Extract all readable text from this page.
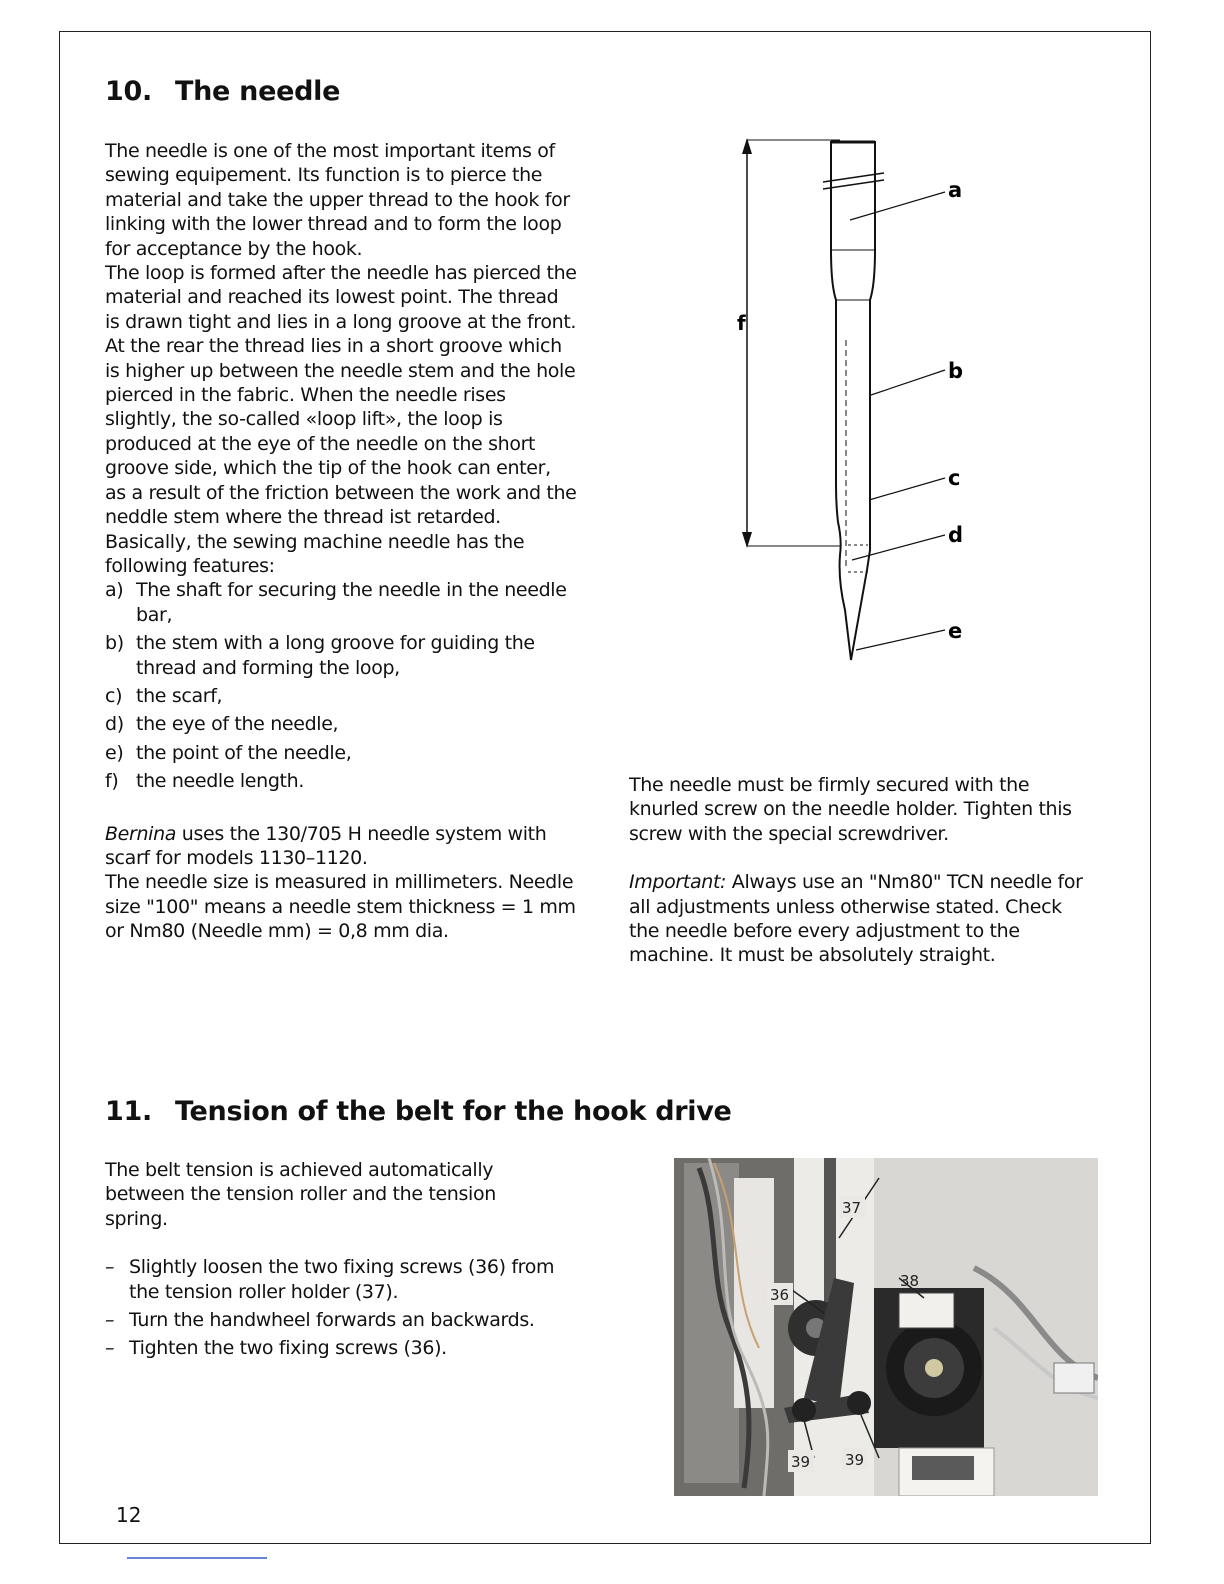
10. The needle

The needle is one of the most important items of sewing equipement. Its function is to pierce the material and take the upper thread to the hook for linking with the lower thread and to form the loop for acceptance by the hook.

The loop is formed after the needle has pierced the material and reached its lowest point. The thread is drawn tight and lies in a long groove at the front. At the rear the thread lies in a short groove which is higher up between the needle stem and the hole pierced in the fabric. When the needle rises slightly, the so-called «loop lift», the loop is produced at the eye of the needle on the short groove side, which the tip of the hook can enter, as a result of the friction between the work and the neddle stem where the thread ist retarded.

Basically, the sewing machine needle has the following features:

a) The shaft for securing the needle in the needle bar,
b) the stem with a long groove for guiding the thread and forming the loop,
c) the scarf,
d) the eye of the needle,
e) the point of the needle,
f) the needle length.

Bernina uses the 130/705 H needle system with scarf for models 1130–1120.

The needle size is measured in millimeters. Needle size "100" means a needle stem thickness = 1 mm or Nm80 (Needle mm) = 0,8 mm dia.

a
b
c
d
e
f

The needle must be firmly secured with the knurled screw on the needle holder. Tighten this screw with the special screwdriver.

Important: Always use an "Nm80" TCN needle for all adjustments unless otherwise stated. Check the needle before every adjustment to the machine. It must be absolutely straight.

11. Tension of the belt for the hook drive

The belt tension is achieved automatically between the tension roller and the tension spring.

– Slightly loosen the two fixing screws (36) from the tension roller holder (37).
– Turn the handwheel forwards an backwards.
– Tighten the two fixing screws (36).
37
36
38
39 39
12
